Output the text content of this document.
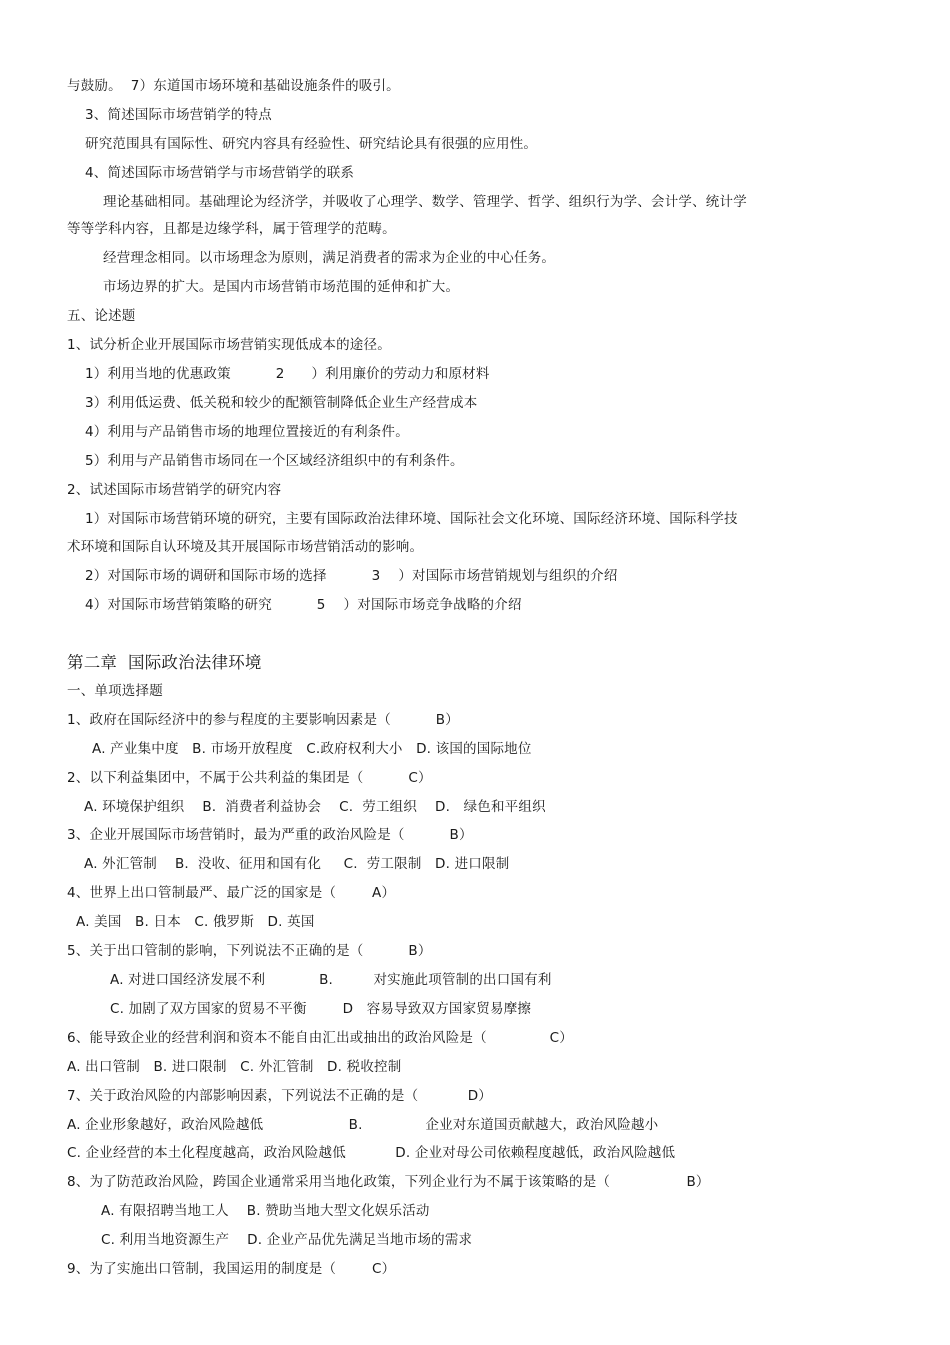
与鼓励。  7）东道国市场环境和基础设施条件的吸引。
3、简述国际市场营销学的特点
研究范围具有国际性、研究内容具有经验性、研究结论具有很强的应用性。
4、简述国际市场营销学与市场营销学的联系
理论基础相同。基础理论为经济学，并吸收了心理学、数学、管理学、哲学、组织行为学、会计学、统计学
等等学科内容，且都是边缘学科，属于管理学的范畴。
经营理念相同。以市场理念为原则，满足消费者的需求为企业的中心任务。
市场边界的扩大。是国内市场营销市场范围的延伸和扩大。
五、论述题
1、试分析企业开展国际市场营销实现低成本的途径。
1）利用当地的优惠政策          2      ）利用廉价的劳动力和原材料
3）利用低运费、低关税和较少的配额管制降低企业生产经营成本
4）利用与产品销售市场的地理位置接近的有利条件。
5）利用与产品销售市场同在一个区域经济组织中的有利条件。
2、试述国际市场营销学的研究内容
1）对国际市场营销环境的研究，主要有国际政治法律环境、国际社会文化环境、国际经济环境、国际科学技
术环境和国际自认环境及其开展国际市场营销活动的影响。
2）对国际市场的调研和国际市场的选择          3    ）对国际市场营销规划与组织的介绍
4）对国际市场营销策略的研究          5    ）对国际市场竞争战略的介绍
第二章  国际政治法律环境
一、单项选择题
1、政府在国际经济中的参与程度的主要影响因素是（          B）
A. 产业集中度   B. 市场开放程度   C.政府权利大小   D. 该国的国际地位
2、以下利益集团中，不属于公共利益的集团是（          C）
A. 环境保护组织    B.  消费者利益协会    C.  劳工组织    D.   绿色和平组织
3、企业开展国际市场营销时，最为严重的政治风险是（          B）
A. 外汇管制    B.  没收、征用和国有化     C.  劳工限制   D. 进口限制
4、世界上出口管制最严、最广泛的国家是（        A）
A. 美国   B. 日本   C. 俄罗斯   D. 英国
5、关于出口管制的影响，下列说法不正确的是（          B）
A. 对进口国经济发展不利            B.         对实施此项管制的出口国有利
C. 加剧了双方国家的贸易不平衡        D   容易导致双方国家贸易摩擦
6、能导致企业的经营利润和资本不能自由汇出或抽出的政治风险是（              C）
A. 出口管制   B. 进口限制   C. 外汇管制   D. 税收控制
7、关于政治风险的内部影响因素，下列说法不正确的是（           D）
A. 企业形象越好，政治风险越低                   B.              企业对东道国贡献越大，政治风险越小
C. 企业经营的本土化程度越高，政治风险越低           D. 企业对母公司依赖程度越低，政治风险越低
8、为了防范政治风险，跨国企业通常采用当地化政策，下列企业行为不属于该策略的是（                 B）
A. 有限招聘当地工人    B. 赞助当地大型文化娱乐活动
C. 利用当地资源生产    D. 企业产品优先满足当地市场的需求
9、为了实施出口管制，我国运用的制度是（        C）
